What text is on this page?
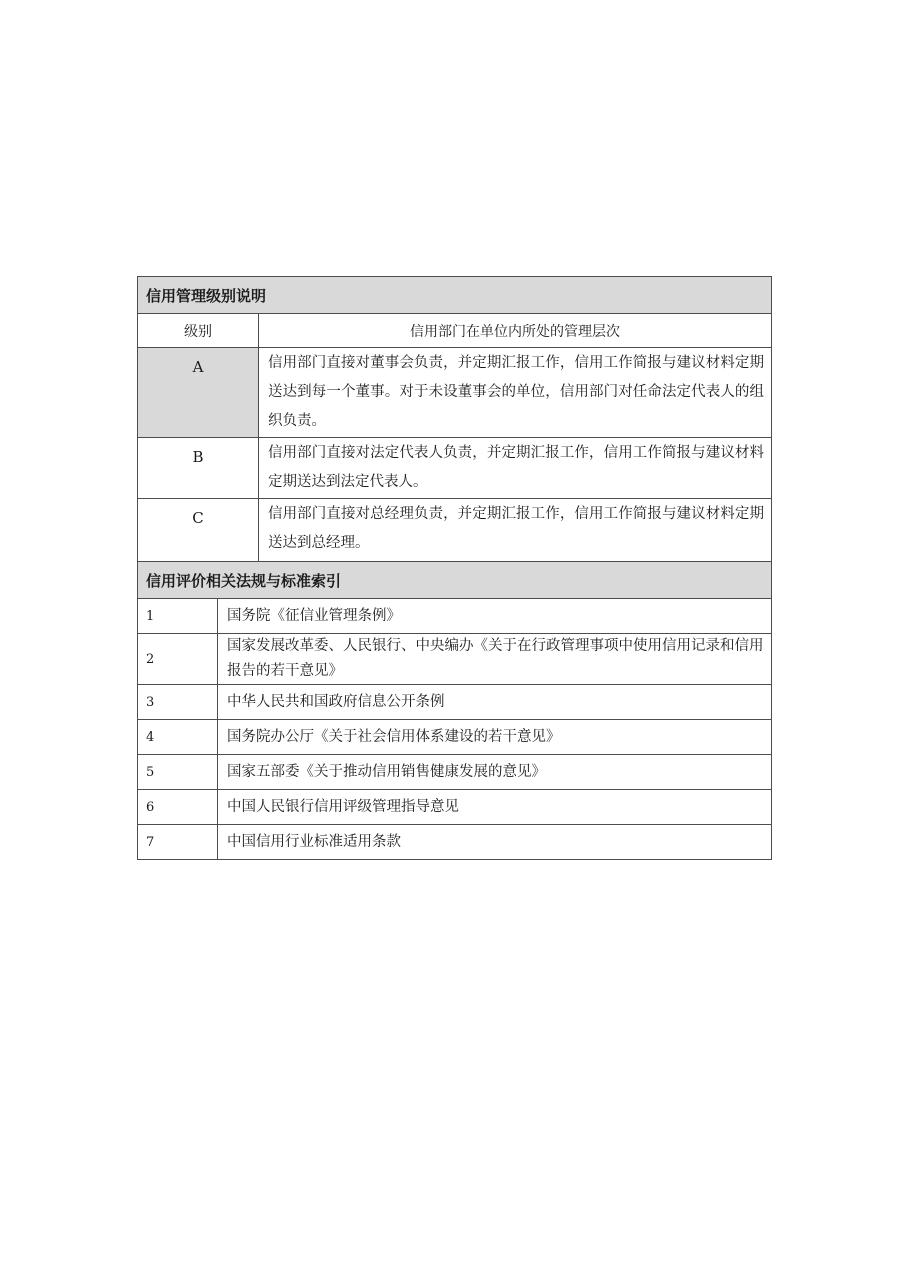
信用管理级别说明	
级别	信用部门在单位内所处的管理层次
A	信用部门直接对董事会负责，并定期汇报工作，信用工作简报与建议材料定期送达到每一个董事。对于未设董事会的单位，信用部门对任命法定代表人的组织负责。
B	信用部门直接对法定代表人负责，并定期汇报工作，信用工作简报与建议材料定期送达到法定代表人。
C	信用部门直接对总经理负责，并定期汇报工作，信用工作简报与建议材料定期送达到总经理。
信用评价相关法规与标准索引	
1	国务院《征信业管理条例》
2	国家发展改革委、人民银行、中央编办《关于在行政管理事项中使用信用记录和信用报告的若干意见》
3	中华人民共和国政府信息公开条例
4	国务院办公厅《关于社会信用体系建设的若干意见》
5	国家五部委《关于推动信用销售健康发展的意见》
6	中国人民银行信用评级管理指导意见
7	中国信用行业标准适用条款
